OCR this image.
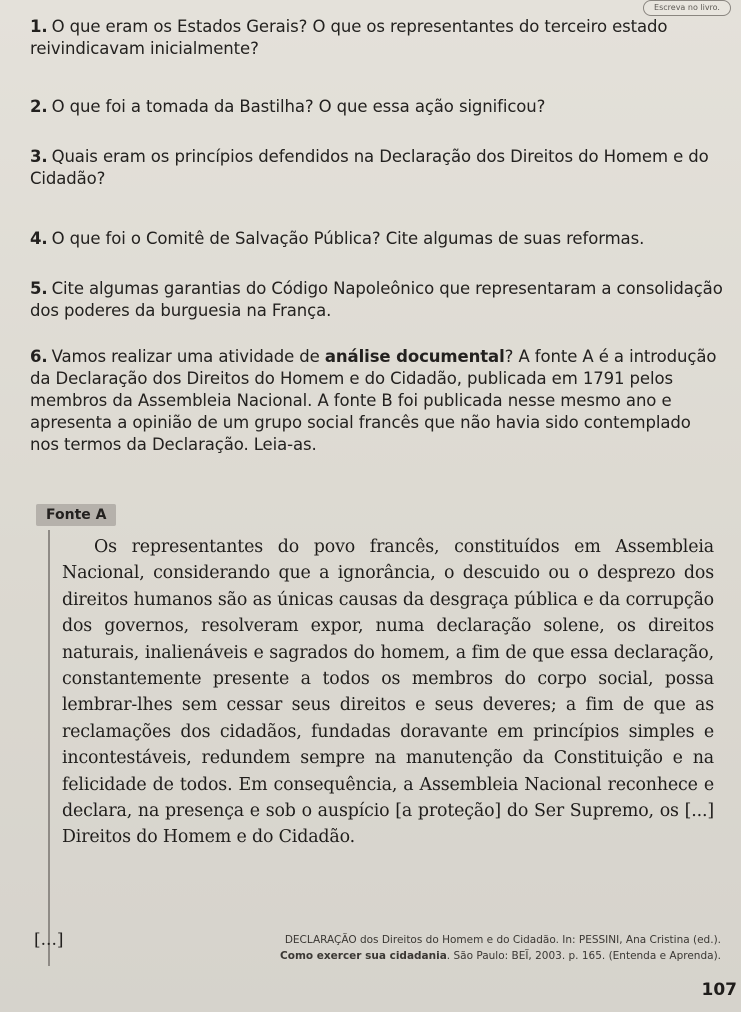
Escreva no livro.
1. O que eram os Estados Gerais? O que os representantes do terceiro estado reivindicavam inicialmente?
2. O que foi a tomada da Bastilha? O que essa ação significou?
3. Quais eram os princípios defendidos na Declaração dos Direitos do Homem e do Cidadão?
4. O que foi o Comitê de Salvação Pública? Cite algumas de suas reformas.
5. Cite algumas garantias do Código Napoleônico que representaram a consolidação dos poderes da burguesia na França.
6. Vamos realizar uma atividade de análise documental? A fonte A é a introdução da Declaração dos Direitos do Homem e do Cidadão, publicada em 1791 pelos membros da Assembleia Nacional. A fonte B foi publicada nesse mesmo ano e apresenta a opinião de um grupo social francês que não havia sido contemplado nos termos da Declaração. Leia-as.
Fonte A
Os representantes do povo francês, constituídos em Assembleia Nacional, considerando que a ignorância, o descuido ou o desprezo dos direitos humanos são as únicas causas da desgraça pública e da corrupção dos governos, resolveram expor, numa declaração solene, os direitos naturais, inalienáveis e sagrados do homem, a fim de que essa declaração, constantemente presente a todos os membros do corpo social, possa lembrar-lhes sem cessar seus direitos e seus deveres; a fim de que as reclamações dos cidadãos, fundadas doravante em princípios simples e incontestáveis, redundem sempre na manutenção da Constituição e na felicidade de todos. Em consequência, a Assembleia Nacional reconhece e declara, na presença e sob o auspício [a proteção] do Ser Supremo, os [...] Direitos do Homem e do Cidadão.
[...]	DECLARAÇÃO dos Direitos do Homem e do Cidadão. In: PESSINI, Ana Cristina (ed.).
Como exercer sua cidadania. São Paulo: BEĨ, 2003. p. 165. (Entenda e Aprenda).
107
